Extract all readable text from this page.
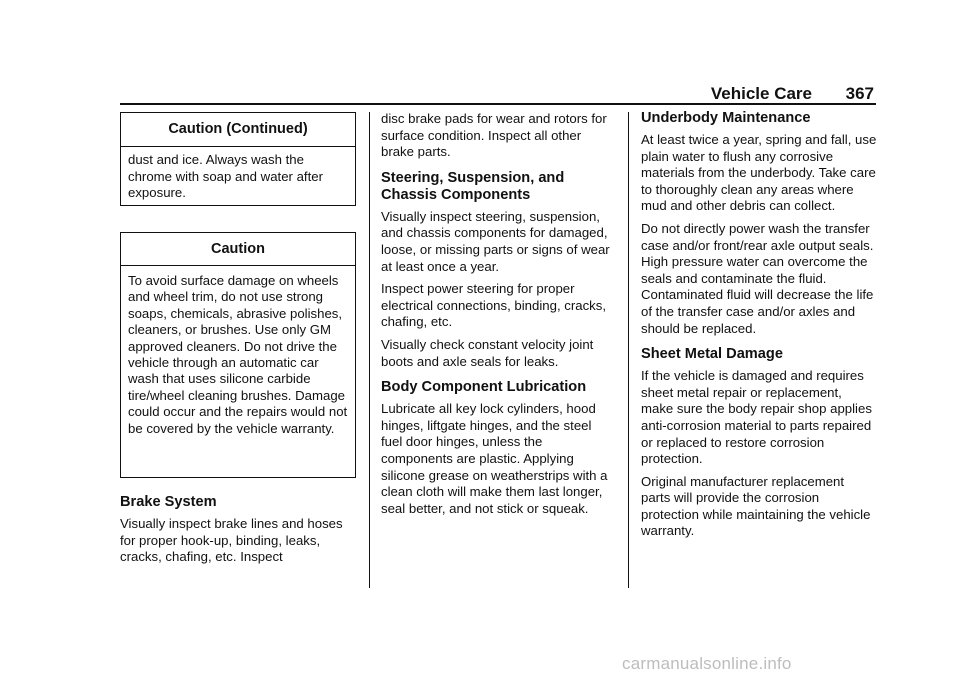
Vehicle Care 367
Caution (Continued)
dust and ice. Always wash the chrome with soap and water after exposure.
Caution
To avoid surface damage on wheels and wheel trim, do not use strong soaps, chemicals, abrasive polishes, cleaners, or brushes. Use only GM approved cleaners. Do not drive the vehicle through an automatic car wash that uses silicone carbide tire/wheel cleaning brushes. Damage could occur and the repairs would not be covered by the vehicle warranty.
Brake System

Visually inspect brake lines and hoses for proper hook-up, binding, leaks, cracks, chafing, etc. Inspect

disc brake pads for wear and rotors for surface condition. Inspect all other brake parts.

Steering, Suspension, and Chassis Components

Visually inspect steering, suspension, and chassis components for damaged, loose, or missing parts or signs of wear at least once a year.

Inspect power steering for proper electrical connections, binding, cracks, chafing, etc.

Visually check constant velocity joint boots and axle seals for leaks.

Body Component Lubrication

Lubricate all key lock cylinders, hood hinges, liftgate hinges, and the steel fuel door hinges, unless the components are plastic. Applying silicone grease on weatherstrips with a clean cloth will make them last longer, seal better, and not stick or squeak.

Underbody Maintenance

At least twice a year, spring and fall, use plain water to flush any corrosive materials from the underbody. Take care to thoroughly clean any areas where mud and other debris can collect.

Do not directly power wash the transfer case and/or front/rear axle output seals. High pressure water can overcome the seals and contaminate the fluid. Contaminated fluid will decrease the life of the transfer case and/or axles and should be replaced.

Sheet Metal Damage

If the vehicle is damaged and requires sheet metal repair or replacement, make sure the body repair shop applies anti-corrosion material to parts repaired or replaced to restore corrosion protection.

Original manufacturer replacement parts will provide the corrosion protection while maintaining the vehicle warranty.

carmanualsonline.info
